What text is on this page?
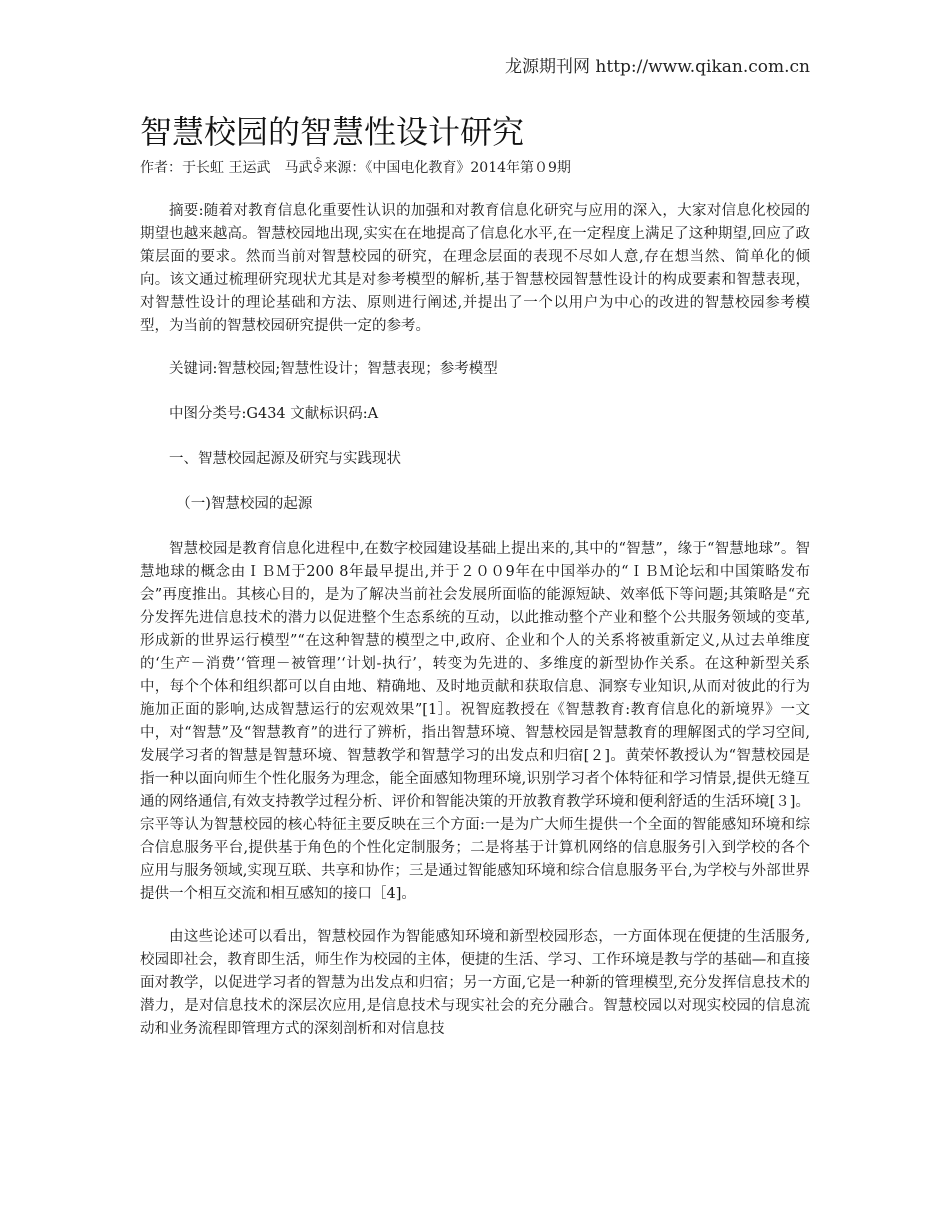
龙源期刊网 http://www.qikan.com.cn
智慧校园的智慧性设计研究
作者：于长虹 王运武　马武ꀅ来源：《中国电化教育》2014年第０9期

摘要:随着对教育信息化重要性认识的加强和对教育信息化研究与应用的深入，大家对信息化校园的期望也越来越高。智慧校园地出现,实实在在地提高了信息化水平,在一定程度上满足了这种期望,回应了政策层面的要求。然而当前对智慧校园的研究，在理念层面的表现不尽如人意,存在想当然、简单化的倾向。该文通过梳理研究现状尤其是对参考模型的解析,基于智慧校园智慧性设计的构成要素和智慧表现，对智慧性设计的理论基础和方法、原则进行阐述,并提出了一个以用户为中心的改进的智慧校园参考模型，为当前的智慧校园研究提供一定的参考。

关键词:智慧校园;智慧性设计；智慧表现；参考模型

中图分类号:G434 文献标识码:A

一、智慧校园起源及研究与实践现状

（一)智慧校园的起源

智慧校园是教育信息化进程中,在数字校园建设基础上提出来的,其中的“智慧”，缘于“智慧地球”。智慧地球的概念由ＩＢＭ于200 8年最早提出,并于２００9年在中国举办的“ＩＢＭ论坛和中国策略发布会”再度推出。其核心目的，是为了解决当前社会发展所面临的能源短缺、效率低下等问题;其策略是“充分发挥先进信息技术的潜力以促进整个生态系统的互动，以此推动整个产业和整个公共服务领域的变革,形成新的世界运行模型”“在这种智慧的模型之中,政府、企业和个人的关系将被重新定义,从过去单维度的‘生产－消费’‘管理－被管理’‘计划-执行’，转变为先进的、多维度的新型协作关系。在这种新型关系中，每个个体和组织都可以自由地、精确地、及时地贡献和获取信息、洞察专业知识,从而对彼此的行为施加正面的影响,达成智慧运行的宏观效果”[1］。祝智庭教授在《智慧教育:教育信息化的新境界》一文中，对“智慧”及“智慧教育”的进行了辨析，指出智慧环境、智慧校园是智慧教育的理解图式的学习空间,发展学习者的智慧是智慧环境、智慧教学和智慧学习的出发点和归宿[２]。黄荣怀教授认为“智慧校园是指一种以面向师生个性化服务为理念，能全面感知物理环境,识别学习者个体特征和学习情景,提供无缝互通的网络通信,有效支持教学过程分析、评价和智能决策的开放教育教学环境和便利舒适的生活环境[３]。宗平等认为智慧校园的核心特征主要反映在三个方面:一是为广大师生提供一个全面的智能感知环境和综合信息服务平台,提供基于角色的个性化定制服务；二是将基于计算机网络的信息服务引入到学校的各个应用与服务领域,实现互联、共享和协作；三是通过智能感知环境和综合信息服务平台,为学校与外部世界提供一个相互交流和相互感知的接口［4]。

由这些论述可以看出，智慧校园作为智能感知环境和新型校园形态，一方面体现在便捷的生活服务,校园即社会，教育即生活，师生作为校园的主体，便捷的生活、学习、工作环境是教与学的基础—和直接面对教学，以促进学习者的智慧为出发点和归宿；另一方面,它是一种新的管理模型,充分发挥信息技术的潜力，是对信息技术的深层次应用,是信息技术与现实社会的充分融合。智慧校园以对现实校园的信息流动和业务流程即管理方式的深刻剖析和对信息技
